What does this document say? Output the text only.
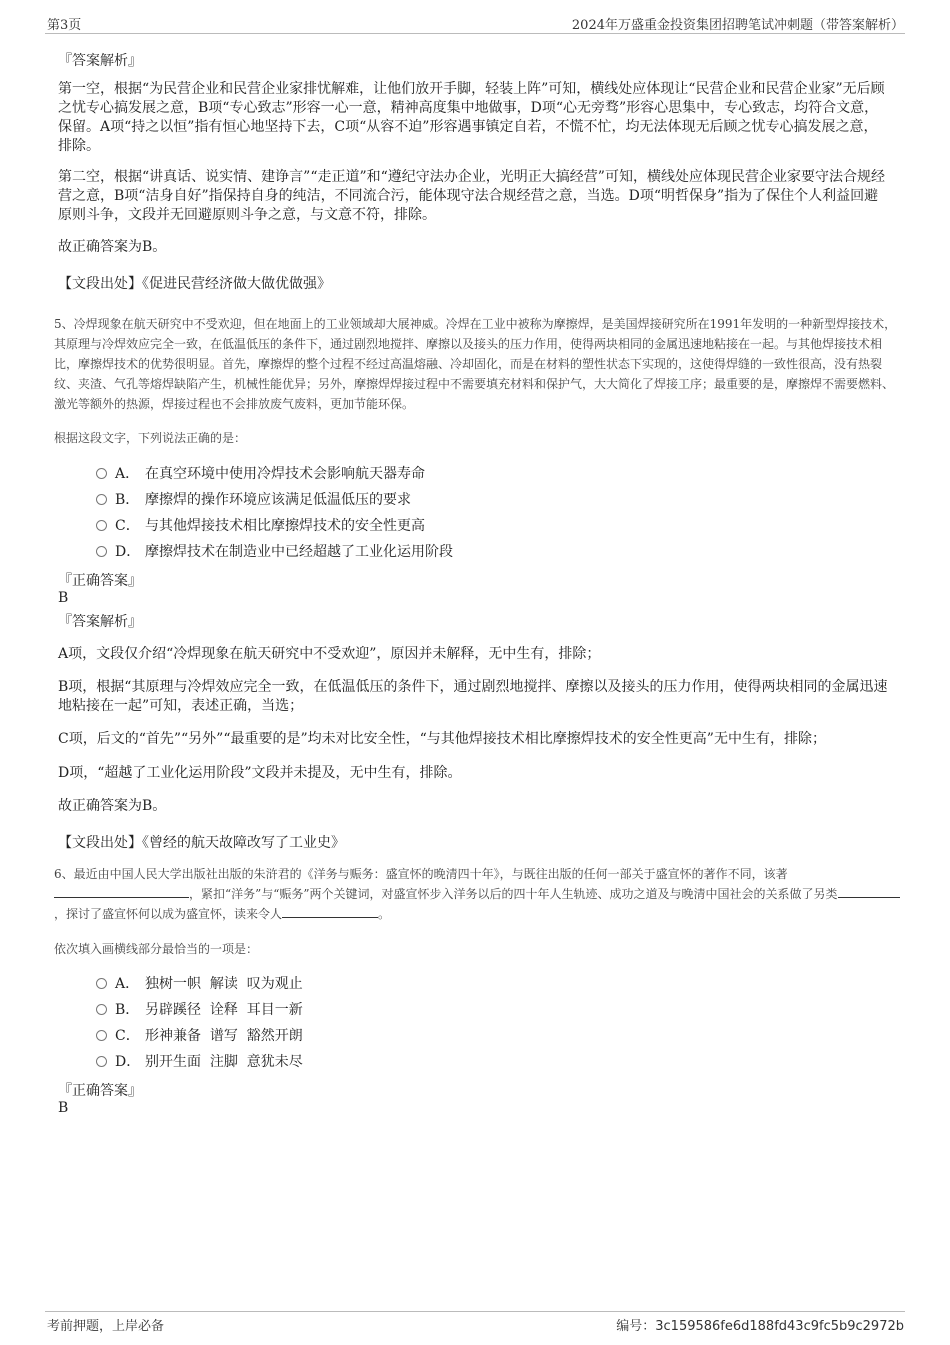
第3页	2024年万盛重金投资集团招聘笔试冲刺题（带答案解析）
『答案解析』
第一空，根据“为民营企业和民营企业家排忧解难，让他们放开手脚，轻装上阵”可知，横线处应体现让“民营企业和民营企业家”无后顾之忧专心搞发展之意，B项“专心致志”形容一心一意，精神高度集中地做事，D项“心无旁骛”形容心思集中，专心致志，均符合文意，保留。A项“持之以恒”指有恒心地坚持下去，C项“从容不迫”形容遇事镇定自若，不慌不忙，均无法体现无后顾之忧专心搞发展之意，排除。
第二空，根据“讲真话、说实情、建诤言”“走正道”和“遵纪守法办企业，光明正大搞经营”可知，横线处应体现民营企业家要守法合规经营之意，B项“洁身自好”指保持自身的纯洁，不同流合污，能体现守法合规经营之意，当选。D项“明哲保身”指为了保住个人利益回避原则斗争，文段并无回避原则斗争之意，与文意不符，排除。
故正确答案为B。
【文段出处】《促进民营经济做大做优做强》
5、冷焊现象在航天研究中不受欢迎，但在地面上的工业领域却大展神威。冷焊在工业中被称为摩擦焊，是美国焊接研究所在1991年发明的一种新型焊接技术，其原理与冷焊效应完全一致，在低温低压的条件下，通过剧烈地搅拌、摩擦以及接头的压力作用，使得两块相同的金属迅速地粘接在一起。与其他焊接技术相比，摩擦焊技术的优势很明显。首先，摩擦焊的整个过程不经过高温熔融、冷却固化，而是在材料的塑性状态下实现的，这使得焊缝的一致性很高，没有热裂纹、夹渣、气孔等熔焊缺陷产生，机械性能优异；另外，摩擦焊焊接过程中不需要填充材料和保护气，大大简化了焊接工序；最重要的是，摩擦焊不需要燃料、激光等额外的热源，焊接过程也不会排放废气废料，更加节能环保。
根据这段文字，下列说法正确的是：
A． 在真空环境中使用冷焊技术会影响航天器寿命
B． 摩擦焊的操作环境应该满足低温低压的要求
C． 与其他焊接技术相比摩擦焊技术的安全性更高
D． 摩擦焊技术在制造业中已经超越了工业化运用阶段
『正确答案』
B
『答案解析』
A项，文段仅介绍“冷焊现象在航天研究中不受欢迎”，原因并未解释，无中生有，排除；
B项，根据“其原理与冷焊效应完全一致，在低温低压的条件下，通过剧烈地搅拌、摩擦以及接头的压力作用，使得两块相同的金属迅速地粘接在一起”可知，表述正确，当选；
C项，后文的“首先”“另外”“最重要的是”均未对比安全性，“与其他焊接技术相比摩擦焊技术的安全性更高”无中生有，排除；
D项，“超越了工业化运用阶段”文段并未提及，无中生有，排除。
故正确答案为B。
【文段出处】《曾经的航天故障改写了工业史》
6、最近由中国人民大学出版社出版的朱浒君的《洋务与赈务：盛宣怀的晚清四十年》，与既往出版的任何一部关于盛宣怀的著作不同，该著，紧扣“洋务”与“赈务”两个关键词，对盛宣怀步入洋务以后的四十年人生轨迹、成功之道及与晚清中国社会的关系做了另类，探讨了盛宣怀何以成为盛宣怀，读来令人	。
依次填入画横线部分最恰当的一项是：
A． 独树一帜  解读  叹为观止
B． 另辟蹊径  诠释  耳目一新
C． 形神兼备  谱写  豁然开朗
D． 别开生面  注脚  意犹未尽
『正确答案』
B
考前押题，上岸必备	编号：3c159586fe6d188fd43c9fc5b9c2972b
